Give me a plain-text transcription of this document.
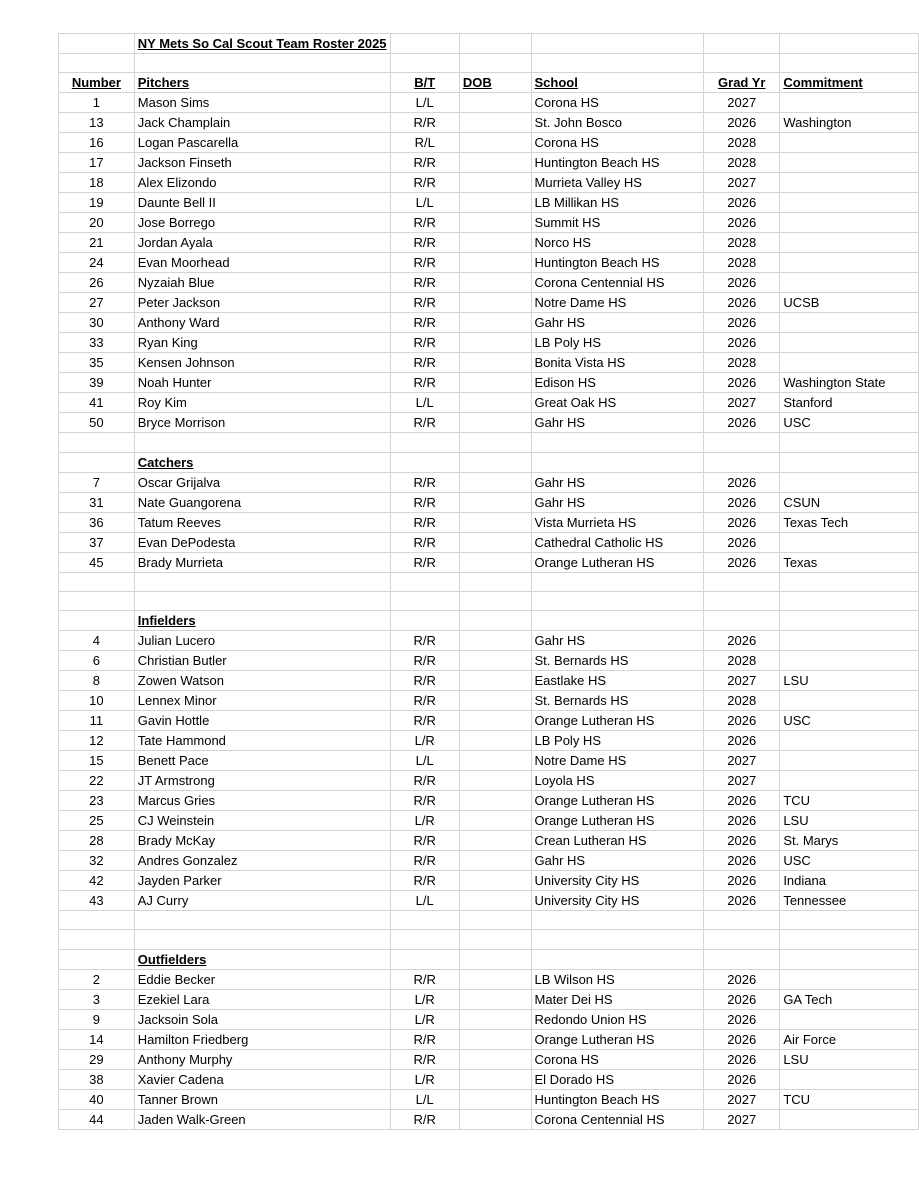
	NY Mets So Cal Scout Team Roster 2025					

Number	Pitchers	B/T	DOB	School	Grad Yr	Commitment
1	Mason Sims	L/L		Corona HS	2027	
13	Jack Champlain	R/R		St. John Bosco	2026	Washington
16	Logan Pascarella	R/L		Corona HS	2028	
17	Jackson Finseth	R/R		Huntington Beach HS	2028	
18	Alex Elizondo	R/R		Murrieta Valley HS	2027	
19	Daunte Bell II	L/L		LB Millikan HS	2026	
20	Jose Borrego	R/R		Summit HS	2026	
21	Jordan Ayala	R/R		Norco HS	2028	
24	Evan Moorhead	R/R		Huntington Beach HS	2028	
26	Nyzaiah Blue	R/R		Corona Centennial HS	2026	
27	Peter Jackson	R/R		Notre Dame HS	2026	UCSB
30	Anthony Ward	R/R		Gahr HS	2026	
33	Ryan King	R/R		LB Poly HS	2026	
35	Kensen Johnson	R/R		Bonita Vista HS	2028	
39	Noah Hunter	R/R		Edison HS	2026	Washington State
41	Roy Kim	L/L		Great Oak HS	2027	Stanford
50	Bryce Morrison	R/R		Gahr HS	2026	USC

	Catchers					
7	Oscar Grijalva	R/R		Gahr HS	2026	
31	Nate Guangorena	R/R		Gahr HS	2026	CSUN
36	Tatum Reeves	R/R		Vista Murrieta HS	2026	Texas Tech
37	Evan DePodesta	R/R		Cathedral Catholic HS	2026	
45	Brady Murrieta	R/R		Orange Lutheran HS	2026	Texas

	Infielders					
4	Julian Lucero	R/R		Gahr HS	2026	
6	Christian Butler	R/R		St. Bernards HS	2028	
8	Zowen Watson	R/R		Eastlake HS	2027	LSU
10	Lennex Minor	R/R		St. Bernards HS	2028	
11	Gavin Hottle	R/R		Orange Lutheran HS	2026	USC
12	Tate Hammond	L/R		LB Poly HS	2026	
15	Benett Pace	L/L		Notre Dame HS	2027	
22	JT Armstrong	R/R		Loyola HS	2027	
23	Marcus Gries	R/R		Orange Lutheran HS	2026	TCU
25	CJ Weinstein	L/R		Orange Lutheran HS	2026	LSU
28	Brady McKay	R/R		Crean Lutheran HS	2026	St. Marys
32	Andres Gonzalez	R/R		Gahr HS	2026	USC
42	Jayden Parker	R/R		University City HS	2026	Indiana
43	AJ Curry	L/L		University City HS	2026	Tennessee

	Outfielders					
2	Eddie Becker	R/R		LB Wilson HS	2026	
3	Ezekiel Lara	L/R		Mater Dei HS	2026	GA Tech
9	Jacksoin Sola	L/R		Redondo Union HS	2026	
14	Hamilton Friedberg	R/R		Orange Lutheran HS	2026	Air Force
29	Anthony Murphy	R/R		Corona HS	2026	LSU
38	Xavier Cadena	L/R		El Dorado HS	2026	
40	Tanner Brown	L/L		Huntington Beach HS	2027	TCU
44	Jaden Walk-Green	R/R		Corona Centennial HS	2027	
